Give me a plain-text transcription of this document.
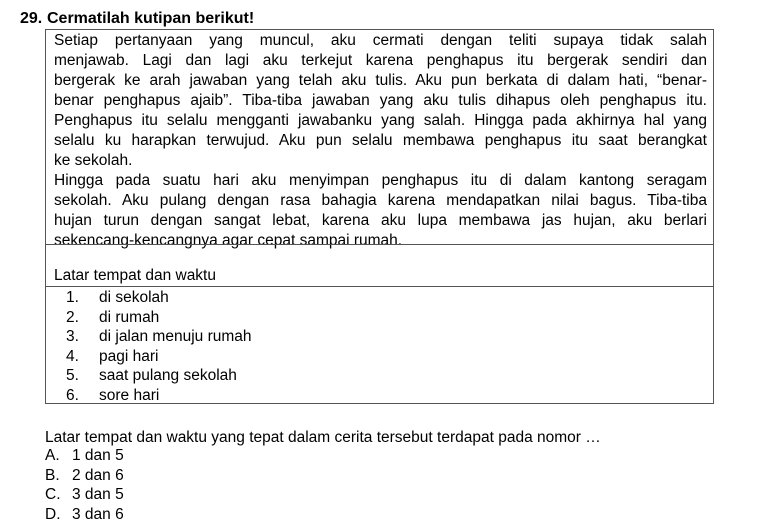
29. Cermatilah kutipan berikut!
Setiap pertanyaan yang muncul, aku cermati dengan teliti supaya tidak salah
menjawab. Lagi dan lagi aku terkejut karena penghapus itu bergerak sendiri dan
bergerak ke arah jawaban yang telah aku tulis. Aku pun berkata di dalam hati, “benar-
benar penghapus ajaib”. Tiba-tiba jawaban yang aku tulis dihapus oleh penghapus itu.
Penghapus itu selalu mengganti jawabanku yang salah. Hingga pada akhirnya hal yang
selalu ku harapkan terwujud. Aku pun selalu membawa penghapus itu saat berangkat
ke sekolah.
Hingga pada suatu hari aku menyimpan penghapus itu di dalam kantong seragam
sekolah. Aku pulang dengan rasa bahagia karena mendapatkan nilai bagus. Tiba-tiba
hujan turun dengan sangat lebat, karena aku lupa membawa jas hujan, aku berlari
sekencang-kencangnya agar cepat sampai rumah.
Latar tempat dan waktu
1. di sekolah
2. di rumah
3. di jalan menuju rumah
4. pagi hari
5. saat pulang sekolah
6. sore hari
Latar tempat dan waktu yang tepat dalam cerita tersebut terdapat pada nomor …
A. 1 dan 5
B. 2 dan 6
C. 3 dan 5
D. 3 dan 6
